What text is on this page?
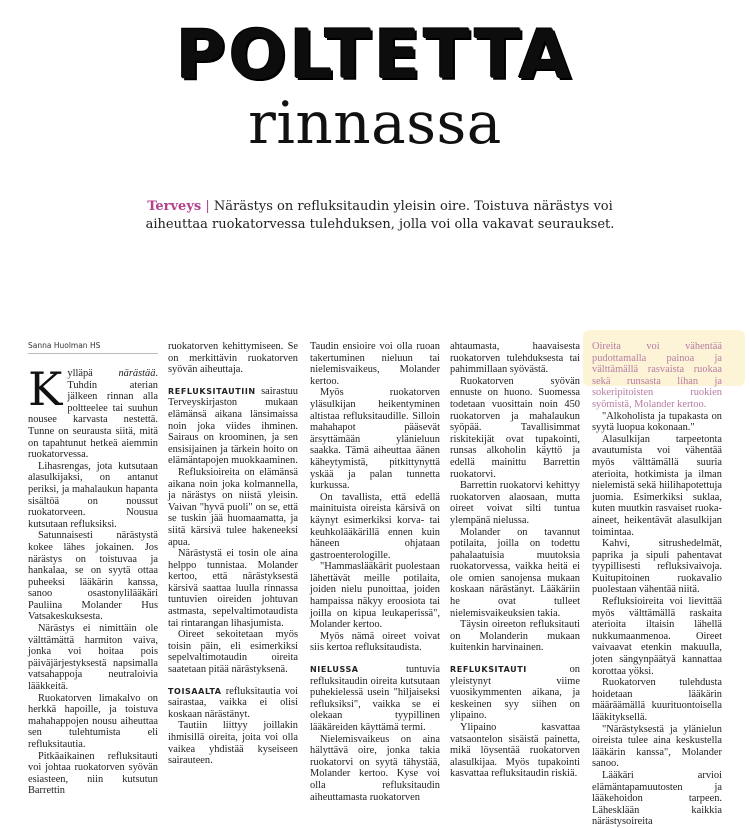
POLTETTA
rinnassa
Terveys | Närästys on refluksitaudin yleisin oire. Toistuva närästys voi aiheuttaa ruokatorvessa tulehduksen, jolla voi olla vakavat seuraukset.
Sanna Huolman HS

Kylläpä närästää. Tuhdin aterian jälkeen rinnan alla poltteelee tai suuhun nousee karvasta nestettä. Tunne on seurausta siitä, mitä on tapahtunut hetkeä aiemmin ruokatorvessa.

Lihasrengas, jota kutsutaan alasulkijaksi, on antanut periksi, ja mahalaukun hapanta sisältöä on noussut ruokatorveen. Nousua kutsutaan refluksiksi.

Satunnaisesti närästystä kokee lähes jokainen. Jos närästys on toistuvaa ja hankalaa, se on syytä ottaa puheeksi lääkärin kanssa, sanoo osastonylilääkäri Pauliina Molander Hus Vatsakeskuksesta.

Närästys ei nimittäin ole välttämättä harmiton vaiva, jonka voi hoitaa pois päiväjärjestyksestä napsimalla vatsahappoja neutraloivia lääkkeitä.

Ruokatorven limakalvo on herkkä hapoille, ja toistuva mahahappojen nousu aiheuttaa sen tulehtumista eli refluksitautia.

Pitkäaikainen refluksitauti voi johtaa ruokatorven syövän esiasteen, niin kutsutun Barrettin

ruokatorven kehittymiseen. Se on merkittävin ruokatorven syövän aiheuttaja.

REFLUKSITAUTIIN sairastuu Terveyskirjaston mukaan elämänsä aikana länsimaissa noin joka viides ihminen. Sairaus on kroominen, ja sen ensisijainen ja tärkein hoito on elämäntapojen muokkaaminen.

Refluksioireita on elämänsä aikana noin joka kolmannella, ja närästys on niistä yleisin. Vaivan "hyvä puoli" on se, että se tuskin jää huomaamatta, ja siitä kärsivä tulee hakeneeksi apua.

Närästystä ei tosin ole aina helppo tunnistaa. Molander kertoo, että närästyksestä kärsivä saattaa luulla rinnassa tuntuvien oireiden johtuvan astmasta, sepelvaltimotaudista tai rintarangan lihasjumista.

Oireet sekoitetaan myös toisin päin, eli esimerkiksi sepelvaltimotaudin oireita saatetaan pitää närästyksenä.

TOISAALTA refluksitautia voi sairastaa, vaikka ei olisi koskaan närästänyt.

Tautiin liittyy joillakin ihmisillä oireita, joita voi olla vaikea yhdistää kyseiseen sairauteen.

Taudin ensioire voi olla ruoan takertuminen nieluun tai nielemisvaikeus, Molander kertoo.

Myös ruokatorven yläsulkijan heikentyminen altistaa refluksitaudille. Silloin mahahapot pääsevät ärsyttämään ylänieluun saakka. Tämä aiheuttaa äänen käheytymistä, pitkittynyttä yskää ja palan tunnetta kurkussa.

On tavallista, että edellä mainituista oireista kärsivä on käynyt esimerkiksi korva- tai keuhkolääkärillä ennen kuin häneen ohjataan gastroenterologille.

"Hammaslääkärit puolestaan lähettävät meille potilaita, joiden nielu punoittaa, joiden hampaissa näkyy eroosiota tai joilla on kipua leukaperissä", Molander kertoo.

Myös nämä oireet voivat siis kertoa refluksitaudista.

NIELUSSA	tuntuvia refluksitaudin oireita kutsutaan puhekielessä usein "hiljaiseksi refluksiksi", vaikka se ei olekaan tyypillinen lääkäreiden käyttämä termi.

Nielemisvaikeus on aina hälyttävä oire, jonka takia ruokatorvi on syytä tähystää, Molander kertoo. Kyse voi olla refluksitaudin aiheuttamasta ruokatorven

ahtaumasta, haavaisesta ruokatorven tulehduksesta tai pahimmillaan syövästä.

Ruokatorven syövän ennuste on huono. Suomessa todetaan vuosittain noin 450 ruokatorven ja mahalaukun syöpää. Tavallisimmat riskitekijät ovat tupakointi, runsas alkoholin käyttö ja edellä mainittu Barrettin ruokatorvi.

Barrettin ruokatorvi kehittyy ruokatorven alaosaan, mutta oireet voivat silti tuntua ylempänä nielussa.

Molander on tavannut potilaita, joilla on todettu pahalaatuisia muutoksia ruokatorvessa, vaikka heitä ei ole omien sanojensa mukaan koskaan närästänyt. Lääkäriin he ovat tulleet nielemisvaikeuksien takia.

Täysin oireeton refluksitauti on Molanderin mukaan kuitenkin harvinainen.

REFLUKSITAUTI	on yleistynyt viime vuosikymmenten aikana, ja keskeinen syy siihen on ylipaino.

Ylipaino kasvattaa vatsaontelon sisäistä painetta, mikä löysentää ruokatorven alasulkijaa. Myös tupakointi kasvattaa refluksitaudin riskiä.

Oireita voi vähentää pudottamalla painoa ja välttämällä rasvaista ruokaa sekä runsasta lihan ja sokeripitoisten ruokien syömistä, Molander kertoo.

"Alkoholista ja tupakasta on syytä luopua kokonaan."

Alasulkijan tarpeetonta avautumista voi vähentää myös välttämällä suuria aterioita, hotkimista ja ilman nielemistä sekä hiilihapotettuja juomia. Esimerkiksi suklaa, kuten muutkin rasvaiset ruoka-aineet, heikentävät alasulkijan toimintaa.

Kahvi, sitrushedelmät, paprika ja sipuli pahentavat tyypillisesti refluksivaivoja. Kuitupitoinen ruokavalio puolestaan vähentää niitä.

Refluksioireita voi lievittää myös välttämällä raskaita aterioita iltaisin lähellä nukkumaanmenoa. Oireet vaivaavat etenkin makuulla, joten sängynpäätyä kannattaa korottaa yöksi.

Ruokatorven tulehdusta hoidetaan lääkärin määräämällä kuurituontoisella lääkityksellä.

"Närästyksestä ja ylänielun oireista tulee aina keskustella lääkärin kanssa", Molander sanoo.

Lääkäri arvioi elämäntapamuutosten ja lääkehoidon tarpeen. Lähesklään kaikkia närästysoireita
